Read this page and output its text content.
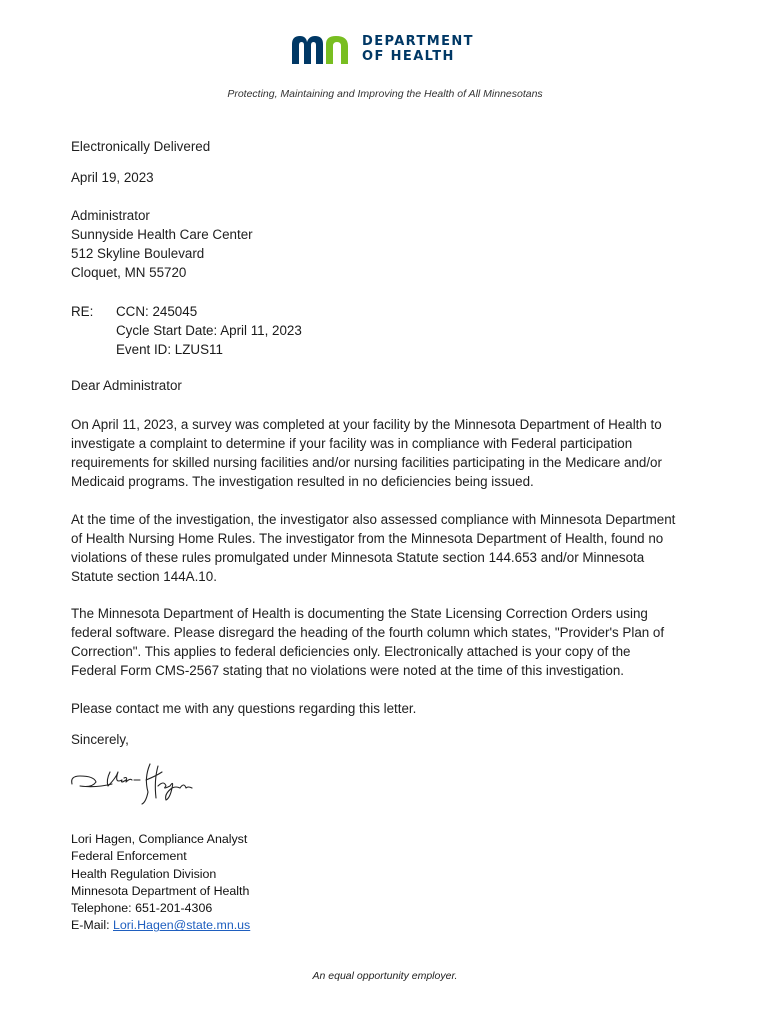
DEPARTMENT
OF HEALTH
Protecting, Maintaining and Improving the Health of All Minnesotans
Electronically Delivered
April 19, 2023
Administrator
Sunnyside Health Care Center
512 Skyline Boulevard
Cloquet, MN 55720
RE: CCN: 245045
Cycle Start Date: April 11, 2023
Event ID: LZUS11
Dear Administrator
On April 11, 2023, a survey was completed at your facility by the Minnesota Department of Health to
investigate a complaint to determine if your facility was in compliance with Federal participation
requirements for skilled nursing facilities and/or nursing facilities participating in the Medicare and/or
Medicaid programs. The investigation resulted in no deficiencies being issued.
At the time of the investigation, the investigator also assessed compliance with Minnesota Department
of Health Nursing Home Rules. The investigator from the Minnesota Department of Health, found no
violations of these rules promulgated under Minnesota Statute section 144.653 and/or Minnesota
Statute section 144A.10.
The Minnesota Department of Health is documenting the State Licensing Correction Orders using
federal software. Please disregard the heading of the fourth column which states, "Provider's Plan of
Correction". This applies to federal deficiencies only. Electronically attached is your copy of the
Federal Form CMS-2567 stating that no violations were noted at the time of this investigation.
Please contact me with any questions regarding this letter.
Sincerely,
Lori Hagen, Compliance Analyst
Federal Enforcement
Health Regulation Division
Minnesota Department of Health
Telephone: 651-201-4306
E-Mail: Lori.Hagen@state.mn.us
An equal opportunity employer.
